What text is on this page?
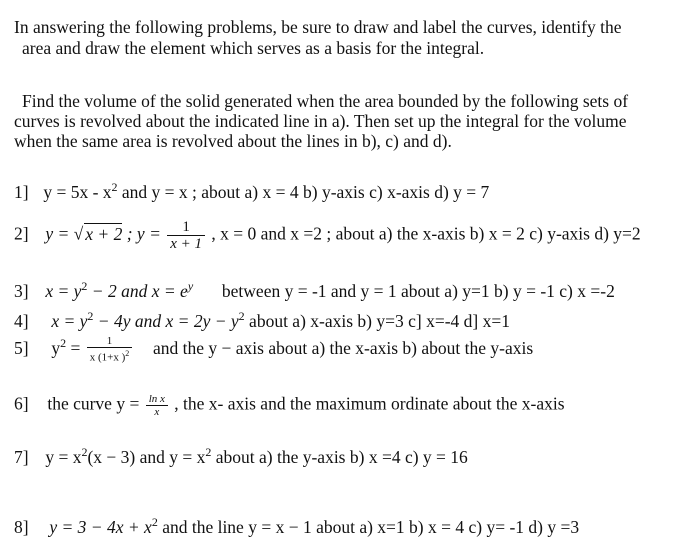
In answering the following problems, be sure to draw and label the curves, identify the
area and draw the element which serves as a basis for the integral.
Find the volume of the solid generated when the area bounded by the following sets of
curves is revolved about the indicated line in a). Then set up the integral for the volume
when the same area is revolved about the lines in b), c) and d).
1] $y = 5x - x^2$ and y = x ; about a) x = 4 b) y-axis c) x-axis d) y = 7
2] y = √ x + 2 ; $y = \frac{1}{x + 1}$ , x = 0 and x =2 ; about a) the x-axis b) x = 2 c) y-axis d) y=2
3] $x = y^2 - 2$ and $x = e^y$ between y = -1 and y = 1 about a) y=1 b) y = -1 c) x =-2
4] $x = y^2 - 4y$ and $x = 2y - y^2$ about a) x-axis b) y=3 c] x=-4 d] x=1
5] $y^2 = \frac{1}{x (1+x )^2}$ and the y − axis about a) the x-axis b) about the y-axis
6] the curve $y = \frac{\text{ln x}}{x}$ , the x- axis and the maximum ordinate about the x-axis
7] $y = x^2(x - 3)$ and $y = x^2$ about a) the y-axis b) x =4 c) y = 16
8] $y = 3 - 4x + x^2$ and the line y = x − 1 about a) x=1 b) x = 4 c) y= -1 d) y =3
